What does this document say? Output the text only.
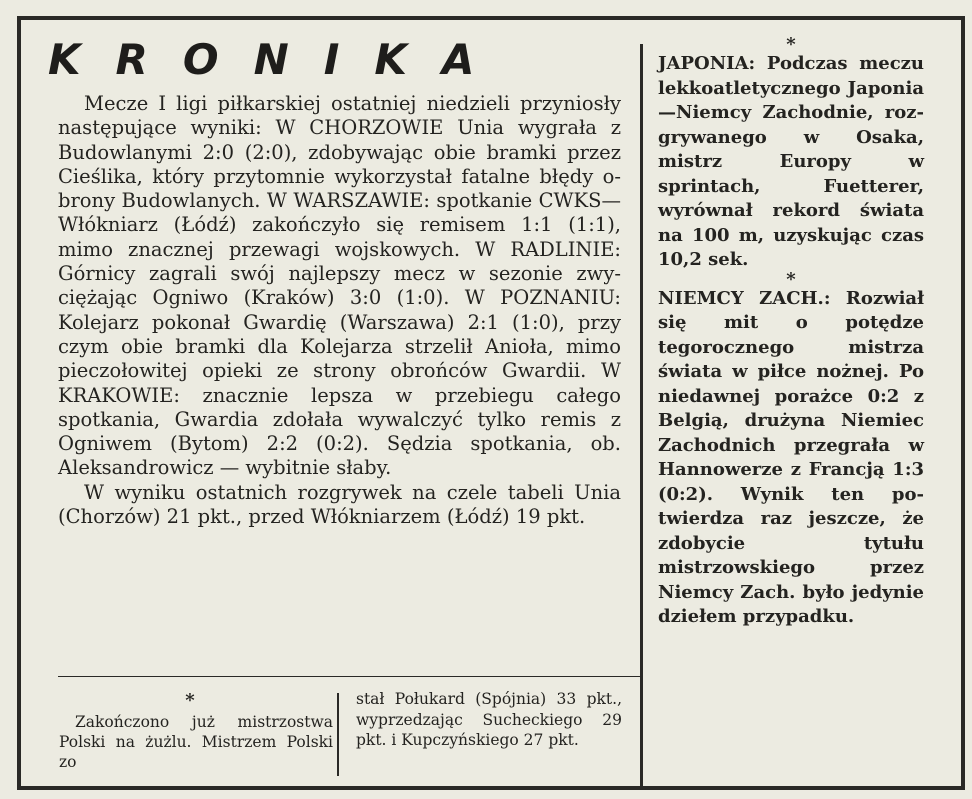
KRONIKA

Mecze I ligi piłkarskiej ostatniej niedzieli przyniosły następujące wyniki: W CHORZOWIE Unia wygrała z Budowlanymi 2:0 (2:0), zdobywając obie bramki przez Cieślika, który przytomnie wykorzystał fatalne błędy obrony Budowlanych. W WARSZAWIE: spotkanie CWKS—Włókniarz (Łódź) zakończyło się remisem 1:1 (1:1), mimo znacznej przewagi wojskowych. W RADLINIE: Górnicy zagrali swój najlepszy mecz w sezonie zwyciężając Ogniwo (Kraków) 3:0 (1:0). W POZNANIU: Kolejarz pokonał Gwardię (Warszawa) 2:1 (1:0), przy czym obie bramki dla Kolejarza strzelił Anioła, mimo pieczołowitej opieki ze strony obrońców Gwardii. W KRAKOWIE: znacznie lepsza w przebiegu całego spotkania, Gwardia zdołała wywalczyć tylko remis z Ogniwem (Bytom) 2:2 (0:2). Sędzia spotkania, ob. Aleksandrowicz — wybitnie słaby.

W wyniku ostatnich rozgrywek na czele tabeli Unia (Chorzów) 21 pkt., przed Włókniarzem (Łódź) 19 pkt.

*

Zakończono już mistrzostwa Polski na żużlu. Mistrzem Polski zo

stał Połukard (Spójnia) 33 pkt., wyprzedzając Sucheckiego 29 pkt. i Kupczyńskiego 27 pkt.

*

JAPONIA: Podczas meczu lekkoatletycznego Japonia—Niemcy Zachodnie, rozgrywanego w Osaka, mistrz Europy w sprintach, Fuetterer, wyrównał rekord świata na 100 m, uzyskując czas 10,2 sek.

*

NIEMCY ZACH.: Rozwiał się mit o potędze tegorocznego mistrza świata w piłce nożnej. Po niedawnej porażce 0:2 z Belgią, drużyna Niemiec Zachodnich przegrała w Hannowerze z Francją 1:3 (0:2). Wynik ten potwierdza raz jeszcze, że zdobycie tytułu mistrzowskiego przez Niemcy Zach. było jedynie dziełem przypadku.
